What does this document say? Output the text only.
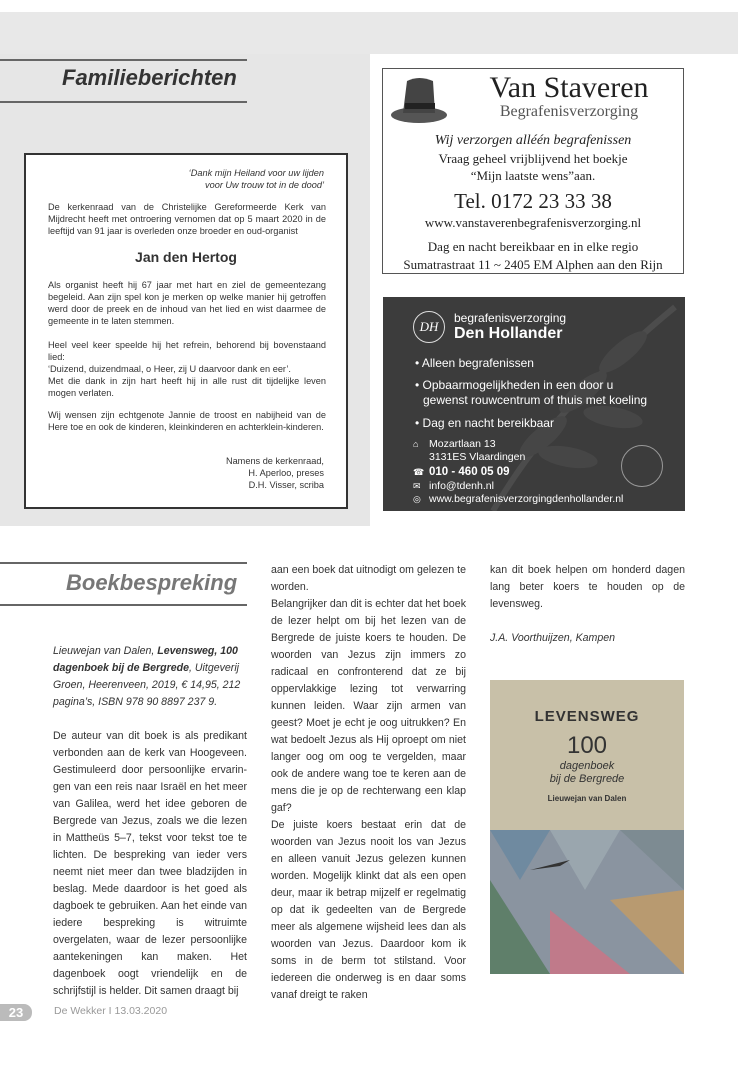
Familieberichten
‘Dank mijn Heiland voor uw lijden
voor Uw trouw tot in de dood’
De kerkenraad van de Christelijke Gereformeerde Kerk van Mijdrecht heeft met ontroering vernomen dat op 5 maart 2020 in de leeftijd van 91 jaar is overleden onze broeder en oud-organist
Jan den Hertog
Als organist heeft hij 67 jaar met hart en ziel de gemeentezang begeleid. Aan zijn spel kon je merken op welke manier hij getroffen werd door de preek en de inhoud van het lied en wist daarmee de gemeente in te laten stemmen.
Heel veel keer speelde hij het refrein, behorend bij bovenstaand lied:
‘Duizend, duizendmaal, o Heer, zij U daarvoor dank en eer’.
Met die dank in zijn hart heeft hij in alle rust dit tijdelijke leven mogen verlaten.
Wij wensen zijn echtgenote Jannie de troost en nabijheid van de Here toe en ook de kinderen, kleinkinderen en achterklein-kinderen.
Namens de kerkenraad,
H. Aperloo, preses
D.H. Visser, scriba
Van Staveren
Begrafenisverzorging
Wij verzorgen alléén begrafenissen
Vraag geheel vrijblijvend het boekje
“Mijn laatste wens”aan.
Tel. 0172 23 33 38
www.vanstaverenbegrafenisverzorging.nl
Dag en nacht bereikbaar en in elke regio
Sumatrastraat 11 ~ 2405 EM Alphen aan den Rijn
DH
begrafenisverzorging
Den Hollander
• Alleen begrafenissen
• Opbaarmogelijkheden in een door u
gewenst rouwcentrum of thuis met koeling
• Dag en nacht bereikbaar
⌂ Mozartlaan 13
3131ES Vlaardingen
☎ 010 - 460 05 09
✉ info@tdenh.nl
◎ www.begrafenisverzorgingdenhollander.nl
Boekbespreking

Lieuwejan van Dalen, Levensweg, 100 dagenboek bij de Bergrede, Uitgeverij Groen, Heerenveen, 2019, € 14,95, 212 pagina’s, ISBN 978 90 8897 237 9.

De auteur van dit boek is als predikant verbonden aan de kerk van Hoogeveen. Gestimuleerd door persoonlijke ervarin-gen van een reis naar Israël en het meer van Galilea, werd het idee geboren de Bergrede van Jezus, zoals we die lezen in Mattheüs 5–7, tekst voor tekst toe te lichten. De bespreking van ieder vers neemt niet meer dan twee bladzijden in beslag. Mede daardoor is het goed als dagboek te gebruiken. Aan het einde van iedere bespreking is witruimte overgelaten, waar de lezer persoonlijke aantekeningen kan maken. Het dagenboek oogt vriendelijk en de schrijfstijl is helder. Dit samen draagt bij

aan een boek dat uitnodigt om gelezen te worden.

Belangrijker dan dit is echter dat het boek de lezer helpt om bij het lezen van de Bergrede de juiste koers te houden. De woorden van Jezus zijn immers zo radicaal en confronterend dat ze bij oppervlakkige lezing tot verwarring kunnen leiden. Waar zijn armen van geest? Moet je echt je oog uitrukken? En wat bedoelt Jezus als Hij oproept om niet langer oog om oog te vergelden, maar ook de andere wang toe te keren aan de mens die je op de rechterwang een klap gaf?

De juiste koers bestaat erin dat de woorden van Jezus nooit los van Jezus en alleen vanuit Jezus gelezen kunnen worden. Mogelijk klinkt dat als een open deur, maar ik betrap mijzelf er regelmatig op dat ik gedeelten van de Bergrede meer als algemene wijsheid lees dan als woorden van Jezus. Daardoor kom ik soms in de berm tot stilstand. Voor iedereen die onderweg is en daar soms vanaf dreigt te raken

kan dit boek helpen om honderd dagen lang beter koers te houden op de levensweg.

J.A. Voorthuijzen, Kampen

LEVENSWEG
100
dagenboek
bij de Bergrede
Lieuwejan van Dalen
23	De Wekker I 13.03.2020
